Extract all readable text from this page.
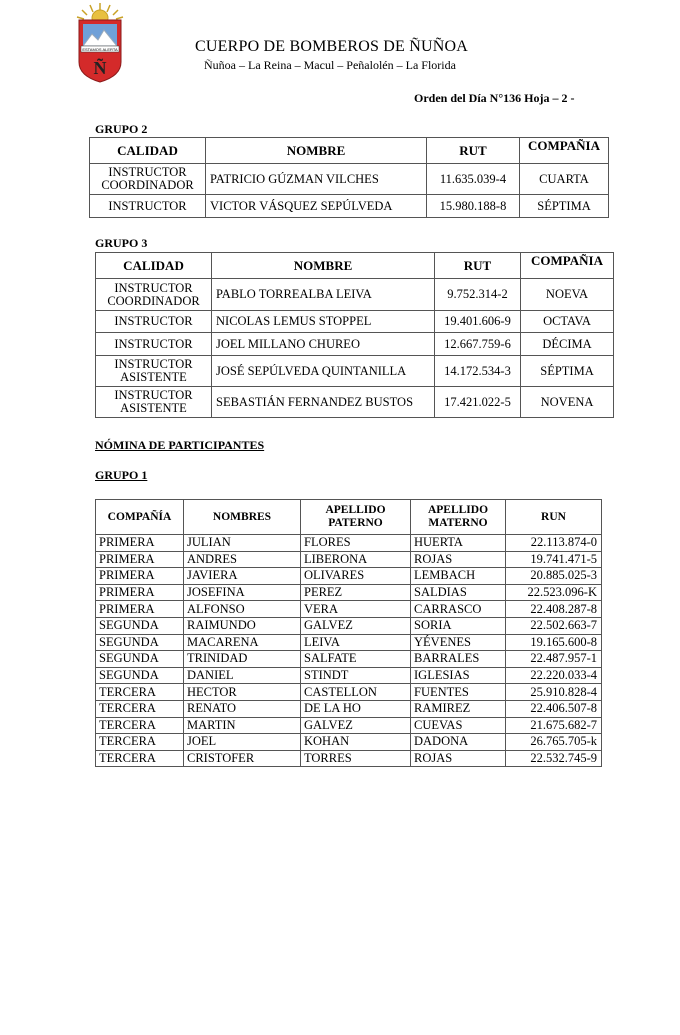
ESTAMOS ALERTA
Ñ
CUERPO DE BOMBEROS DE ÑUÑOA
Ñuñoa – La Reina – Macul – Peñalolén – La Florida
Orden del Día N°136 Hoja – 2 -
GRUPO 2
CALIDAD	NOMBRE	RUT	COMPAÑIA
INSTRUCTOR COORDINADOR	PATRICIO GÚZMAN VILCHES	11.635.039-4	CUARTA
INSTRUCTOR	VICTOR VÁSQUEZ SEPÚLVEDA	15.980.188-8	SÉPTIMA
GRUPO 3
CALIDAD	NOMBRE	RUT	COMPAÑIA
INSTRUCTOR COORDINADOR	PABLO TORREALBA LEIVA	9.752.314-2	NOEVA
INSTRUCTOR	NICOLAS LEMUS STOPPEL	19.401.606-9	OCTAVA
INSTRUCTOR	JOEL MILLANO CHUREO	12.667.759-6	DÉCIMA
INSTRUCTOR ASISTENTE	JOSÉ SEPÚLVEDA QUINTANILLA	14.172.534-3	SÉPTIMA
INSTRUCTOR ASISTENTE	SEBASTIÁN FERNANDEZ BUSTOS	17.421.022-5	NOVENA
NÓMINA DE PARTICIPANTES
GRUPO 1
COMPAÑÍA	NOMBRES	APELLIDO PATERNO	APELLIDO MATERNO	RUN
PRIMERA	JULIAN	FLORES	HUERTA	22.113.874-0
PRIMERA	ANDRES	LIBERONA	ROJAS	19.741.471-5
PRIMERA	JAVIERA	OLIVARES	LEMBACH	20.885.025-3
PRIMERA	JOSEFINA	PEREZ	SALDIAS	22.523.096-K
PRIMERA	ALFONSO	VERA	CARRASCO	22.408.287-8
SEGUNDA	RAIMUNDO	GALVEZ	SORIA	22.502.663-7
SEGUNDA	MACARENA	LEIVA	YÉVENES	19.165.600-8
SEGUNDA	TRINIDAD	SALFATE	BARRALES	22.487.957-1
SEGUNDA	DANIEL	STINDT	IGLESIAS	22.220.033-4
TERCERA	HECTOR	CASTELLON	FUENTES	25.910.828-4
TERCERA	RENATO	DE LA HO	RAMIREZ	22.406.507-8
TERCERA	MARTIN	GALVEZ	CUEVAS	21.675.682-7
TERCERA	JOEL	KOHAN	DADONA	26.765.705-k
TERCERA	CRISTOFER	TORRES	ROJAS	22.532.745-9
